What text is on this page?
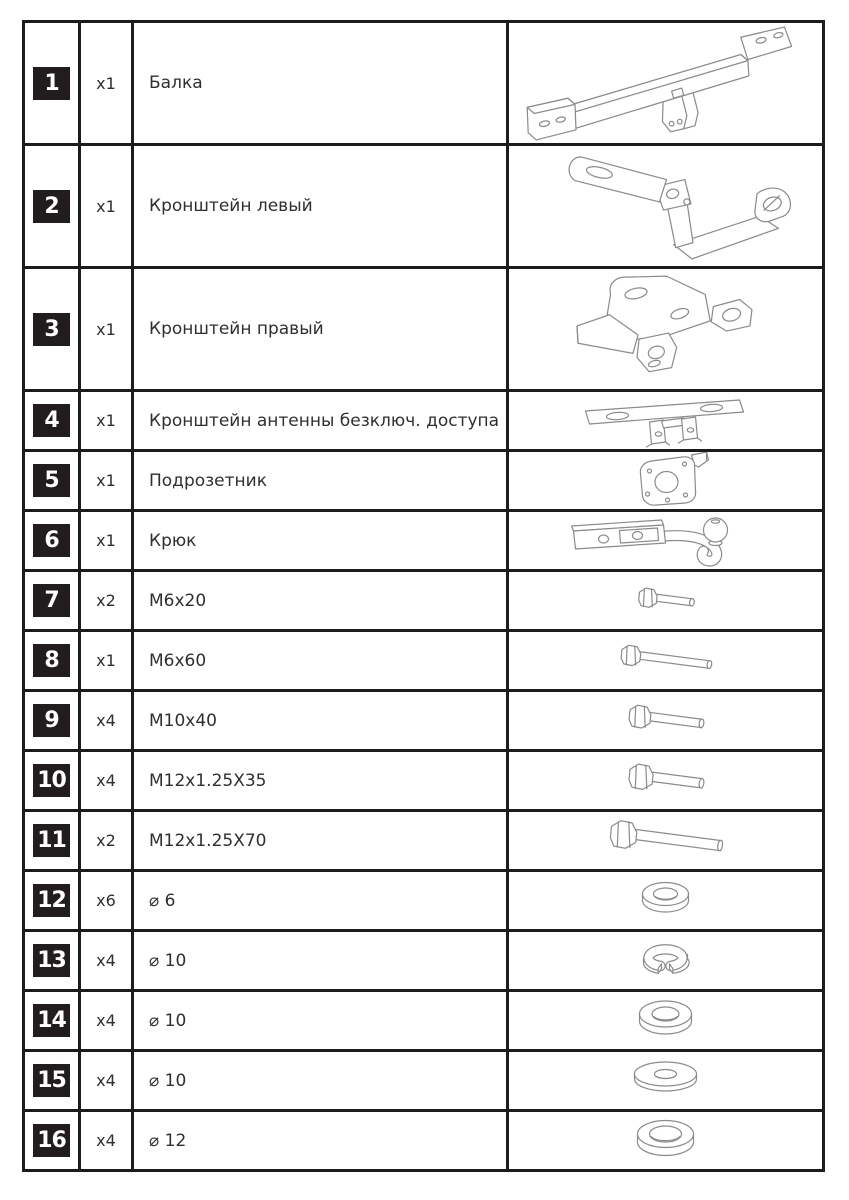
1	x1 Балка
2	x1 Кронштейн левый
3	x1 Кронштейн правый
4	x1 Кронштейн антенны безключ. доступа
5	x1 Подрозетник
6	x1 Крюк
7	x2 M6x20
8	x1 M6x60
9	x4 M10x40
10 x4 M12x1.25X35
11 x2 M12x1.25X70
12 x6 ⌀ 6
13 x4 ⌀ 10
14 x4 ⌀ 10
15 x4 ⌀ 10
16 x4 ⌀ 12
